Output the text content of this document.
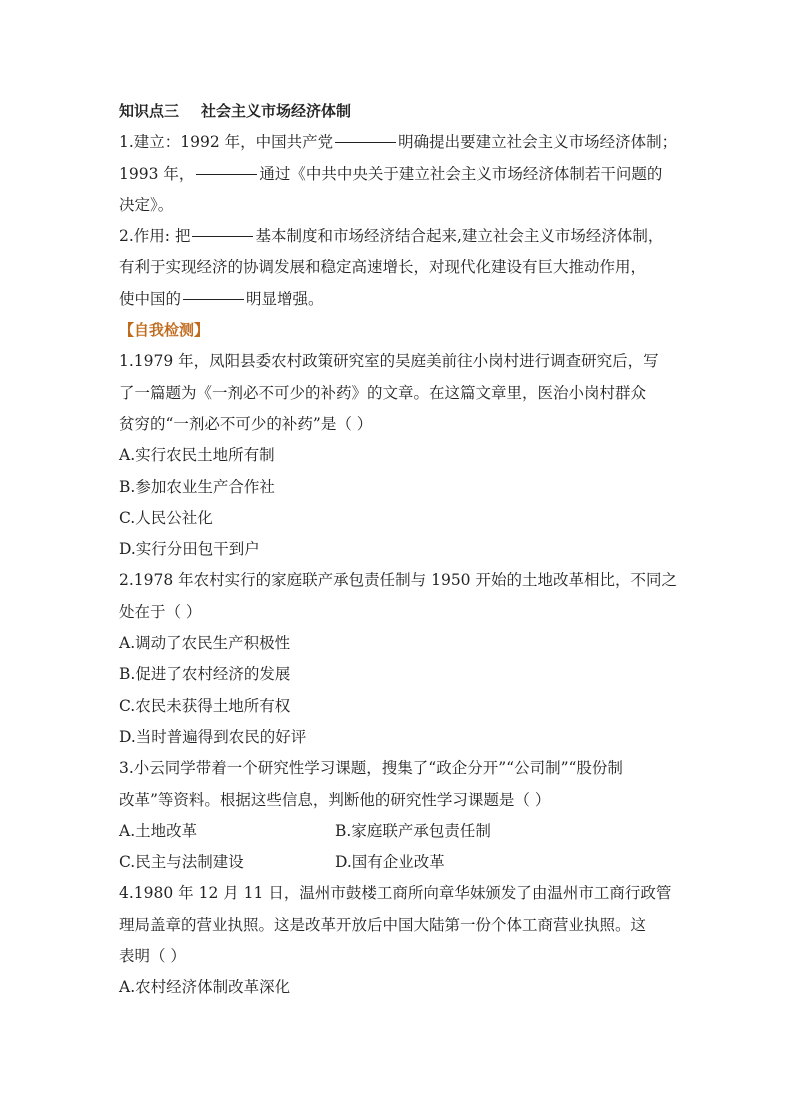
知识点三 社会主义市场经济体制
1.建立：1992 年，中国共产党	明确提出要建立社会主义市场经济体制；
1993 年，	通过《中共中央关于建立社会主义市场经济体制若干问题的
决定》。
2.作用: 把	基本制度和市场经济结合起来,建立社会主义市场经济体制，
有利于实现经济的协调发展和稳定高速增长，对现代化建设有巨大推动作用，
使中国的	明显增强。
【自我检测】
1.1979 年，凤阳县委农村政策研究室的吴庭美前往小岗村进行调查研究后，写
了一篇题为《一剂必不可少的补药》的文章。在这篇文章里，医治小岗村群众
贫穷的“一剂必不可少的补药”是（ ）
A.实行农民土地所有制
B.参加农业生产合作社
C.人民公社化
D.实行分田包干到户
2.1978 年农村实行的家庭联产承包责任制与 1950 开始的土地改革相比，不同之
处在于（ ）
A.调动了农民生产积极性
B.促进了农村经济的发展
C.农民未获得土地所有权
D.当时普遍得到农民的好评
3.小云同学带着一个研究性学习课题，搜集了“政企分开”“公司制”“股份制
改革”等资料。根据这些信息，判断他的研究性学习课题是（ ）
A.土地改革	B.家庭联产承包责任制
C.民主与法制建设	D.国有企业改革
4.1980 年 12 月 11 日，温州市鼓楼工商所向章华妹颁发了由温州市工商行政管
理局盖章的营业执照。这是改革开放后中国大陆第一份个体工商营业执照。这
表明（ ）
A.农村经济体制改革深化
